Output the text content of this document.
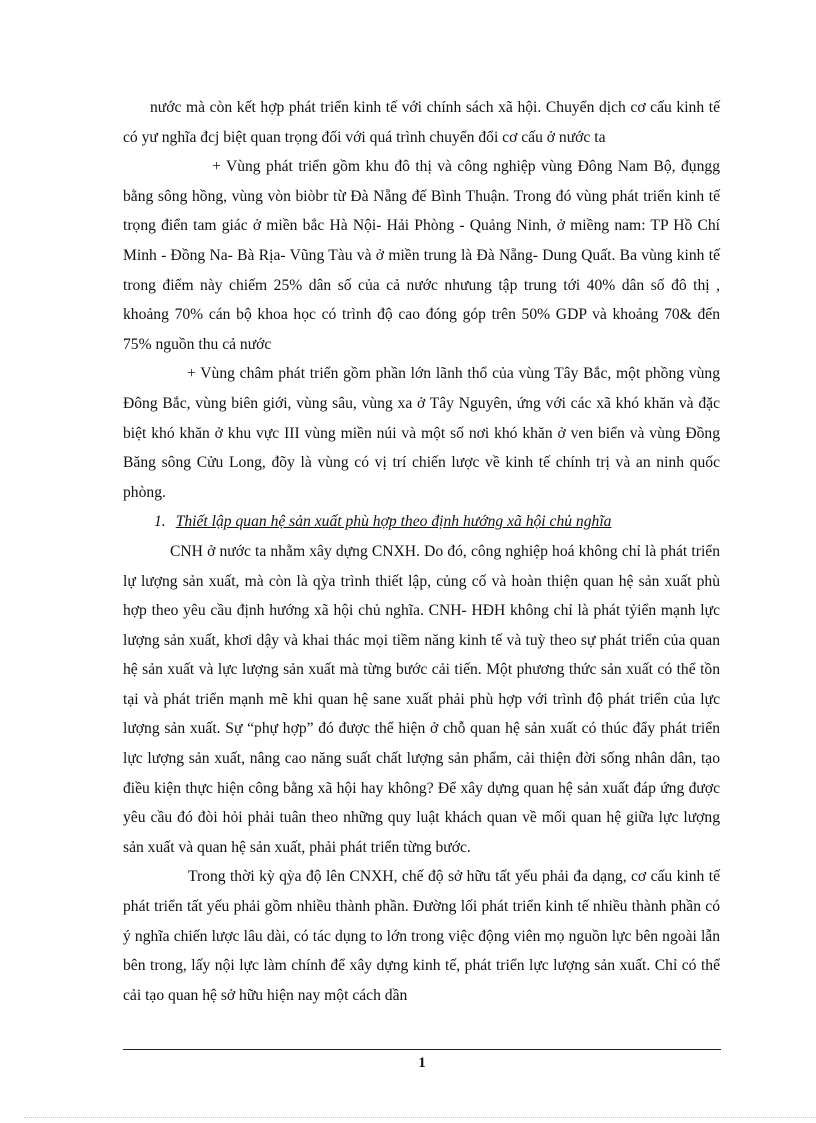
nước mà còn kết hợp phát triển kinh tế với chính sách xã hội. Chuyển dịch cơ cấu kinh tế có yư nghĩa đcj biệt quan trọng đối với quá trình chuyển đổi cơ cấu ở nước ta

+ Vùng phát triển gồm khu đô thị và công nghiệp vùng Đông Nam Bộ, đụngg bằng sông hồng, vùng vòn biòbr từ Đà Nẵng đế Bình Thuận. Trong đó vùng phát triển kinh tế trọng điển tam giác ở miền bắc Hà Nội- Hải Phòng - Quảng Ninh, ở miềng nam: TP Hồ Chí Minh - Đồng Na- Bà Rịa- Vũng Tàu và ở miền trung là Đà Nẵng- Dung Quất. Ba vùng kinh tế trong điểm này chiếm 25% dân số của cả nước nhưung tập trung tới 40% dân số đô thị , khoảng 70% cán bộ khoa học có trình độ cao đóng góp trên 50% GDP và khoảng 70& đến 75% nguồn thu cả nước

+ Vùng châm phát triển gồm phần lớn lãnh thổ của vùng Tây Bắc, một phồng vùng Đông Bắc, vùng biên giới, vùng sâu, vùng xa ở Tây Nguyên, ứng với các xã khó khăn và đặc biệt khó khăn ở khu vực III vùng miền núi và một số nơi khó khăn ở ven biển và vùng Đồng Băng sông Cửu Long, đõy là vùng có vị trí chiến lược về kinh tế chính trị và an ninh quốc phòng.

1. Thiết lập quan hệ sản xuất phù hợp theo định hướng xã hội chủ nghĩa

CNH ở nước ta nhằm xây dựng CNXH. Do đó, công nghiệp hoá không chỉ là phát triển lự lượng sản xuất, mà còn là qỳa trình thiết lập, củng cố và hoàn thiện quan hệ sản xuất phù hợp theo yêu cầu định hướng xã hội chủ nghĩa. CNH- HĐH không chỉ là phát tỷiển mạnh lực lượng sản xuất, khơi dậy và khai thác mọi tiềm năng kinh tế và tuỳ theo sự phát triển của quan hệ sản xuất và lực lượng sản xuất mà từng bước cải tiến. Một phương thức sản xuất có thể tồn tại và phát triển mạnh mẽ khi quan hệ sane xuất phải phù hợp với trình độ phát triển của lực lượng sản xuất. Sự “phự hợp” đó được thể hiện ở chỗ quan hệ sản xuất có thúc đẩy phát triển lực lượng sản xuất, nâng cao năng suất chất lượng sản phẩm, cải thiện đời sống nhân dân, tạo điều kiện thực hiện công bằng xã hội hay không? Để xây dựng quan hệ sản xuất đáp ứng được yêu cầu đó đòi hỏi phải tuân theo những quy luật khách quan về mối quan hệ giữa lực lượng sản xuất và quan hệ sản xuất, phải phát triển từng bước.

Trong thời kỳ qỳa độ lên CNXH, chế độ sở hữu tất yếu phải đa dạng, cơ cấu kinh tế phát triển tất yếu phải gồm nhiều thành phần. Đường lối phát triển kinh tế nhiều thành phần có ý nghĩa chiến lược lâu dài, có tác dụng to lớn trong việc động viên mọ nguồn lực bên ngoài lẫn bên trong, lấy nội lực làm chính để xây dựng kinh tế, phát triển lực lượng sản xuất. Chỉ có thể cải tạo quan hệ sở hữu hiện nay một cách dần

1
